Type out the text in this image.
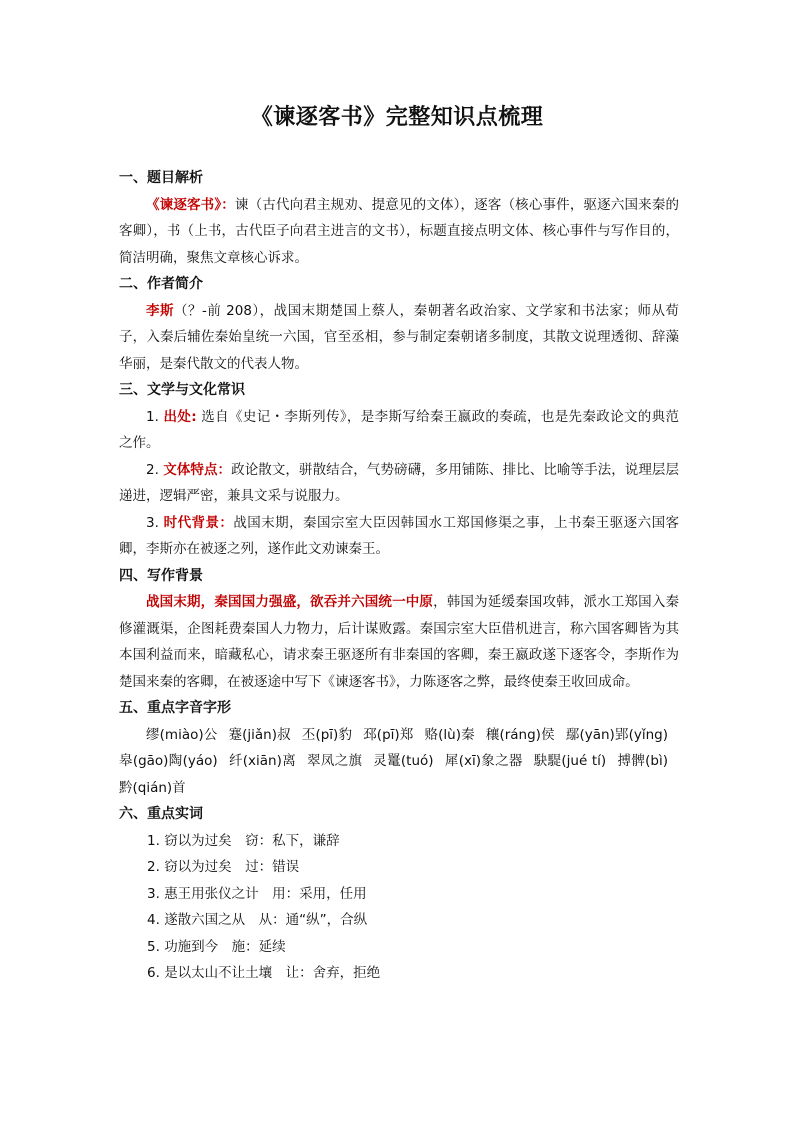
《谏逐客书》完整知识点梳理

一、题目解析

《谏逐客书》：谏（古代向君主规劝、提意见的文体），逐客（核心事件，驱逐六国来秦的客卿），书（上书，古代臣子向君主进言的文书），标题直接点明文体、核心事件与写作目的，简洁明确，聚焦文章核心诉求。

二、作者简介

李斯（？-前 208），战国末期楚国上蔡人，秦朝著名政治家、文学家和书法家；师从荀子，入秦后辅佐秦始皇统一六国，官至丞相，参与制定秦朝诸多制度，其散文说理透彻、辞藻华丽，是秦代散文的代表人物。

三、文学与文化常识

1. 出处: 选自《史记・李斯列传》，是李斯写给秦王嬴政的奏疏，也是先秦政论文的典范之作。

2. 文体特点：政论散文，骈散结合，气势磅礴，多用铺陈、排比、比喻等手法，说理层层递进，逻辑严密，兼具文采与说服力。

3. 时代背景：战国末期，秦国宗室大臣因韩国水工郑国修渠之事，上书秦王驱逐六国客卿，李斯亦在被逐之列，遂作此文劝谏秦王。

四、写作背景

战国末期，秦国国力强盛，欲吞并六国统一中原，韩国为延缓秦国攻韩，派水工郑国入秦修灌溉渠，企图耗费秦国人力物力，后计谋败露。秦国宗室大臣借机进言，称六国客卿皆为其本国利益而来，暗藏私心，请求秦王驱逐所有非秦国的客卿，秦王嬴政遂下逐客令，李斯作为楚国来秦的客卿，在被逐途中写下《谏逐客书》，力陈逐客之弊，最终使秦王收回成命。

五、重点字音字形

缪(miào)公 蹇(jiǎn)叔 丕(pī)豹 邳(pī)郑 赂(lù)秦 穰(ráng)侯 鄢(yān)郢(yǐng)皋(gāo)陶(yáo) 纤(xiān)离 翠凤之旗 灵鼍(tuó) 犀(xī)象之器 駃騠(jué tí) 搏髀(bì)黔(qián)首

六、重点实词

1. 窃以为过矣　窃：私下，谦辞

2. 窃以为过矣　过：错误

3. 惠王用张仪之计　用：采用，任用

4. 遂散六国之从　从：通“纵”，合纵

5. 功施到今　施：延续

6. 是以太山不让土壤　让：舍弃，拒绝
